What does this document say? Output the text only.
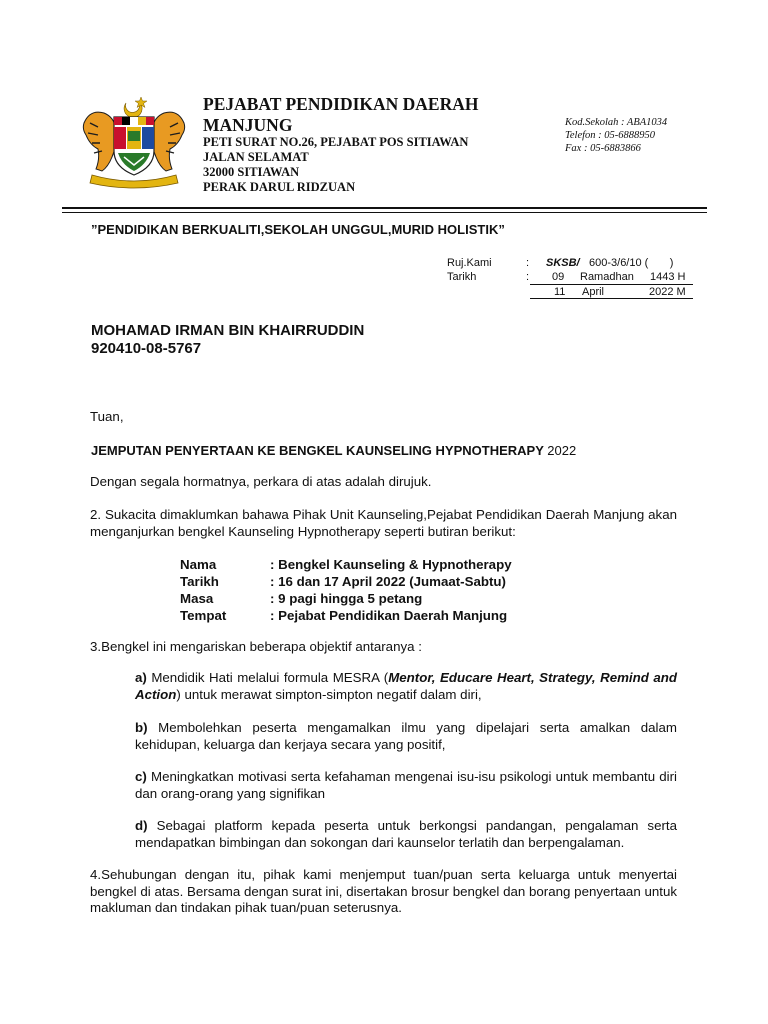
PEJABAT PENDIDIKAN DAERAH
MANJUNG
PETI SURAT NO.26, PEJABAT POS SITIAWAN
JALAN SELAMAT
32000 SITIAWAN
PERAK DARUL RIDZUAN
Kod.Sekolah : ABA1034
Telefon : 05-6888950
Fax : 05-6883866
”PENDIDIKAN BERKUALITI,SEKOLAH UNGGUL,MURID HOLISTIK”
Ruj.Kami	: SKSB/ 600-3/6/10 (       )
Tarikh	: 09 Ramadhan 1443 H
11 April	2022 M
MOHAMAD IRMAN BIN KHAIRRUDDIN
920410-08-5767
Tuan,
JEMPUTAN PENYERTAAN KE BENGKEL KAUNSELING HYPNOTHERAPY 2022
Dengan segala hormatnya, perkara di atas adalah dirujuk.
2. Sukacita dimaklumkan bahawa Pihak Unit Kaunseling,Pejabat Pendidikan Daerah Manjung akan menganjurkan bengkel Kaunseling Hypnotherapy seperti butiran berikut:
Nama	: Bengkel Kaunseling & Hypnotherapy
Tarikh	: 16 dan 17 April 2022 (Jumaat-Sabtu)
Masa	: 9 pagi hingga 5 petang
Tempat	: Pejabat Pendidikan Daerah Manjung
3.Bengkel ini mengariskan beberapa objektif antaranya :
a) Mendidik Hati melalui formula MESRA (Mentor, Educare Heart, Strategy, Remind and Action) untuk merawat simpton-simpton negatif dalam diri,
b) Membolehkan peserta mengamalkan ilmu yang dipelajari serta amalkan dalam kehidupan, keluarga dan kerjaya secara yang positif,
c) Meningkatkan motivasi serta kefahaman mengenai isu-isu psikologi untuk membantu diri dan orang-orang yang signifikan
d) Sebagai platform kepada peserta untuk berkongsi pandangan, pengalaman serta mendapatkan bimbingan dan sokongan dari kaunselor terlatih dan berpengalaman.
4.Sehubungan dengan itu, pihak kami menjemput tuan/puan serta keluarga untuk menyertai bengkel di atas. Bersama dengan surat ini, disertakan brosur bengkel dan borang penyertaan untuk makluman dan tindakan pihak tuan/puan seterusnya.
